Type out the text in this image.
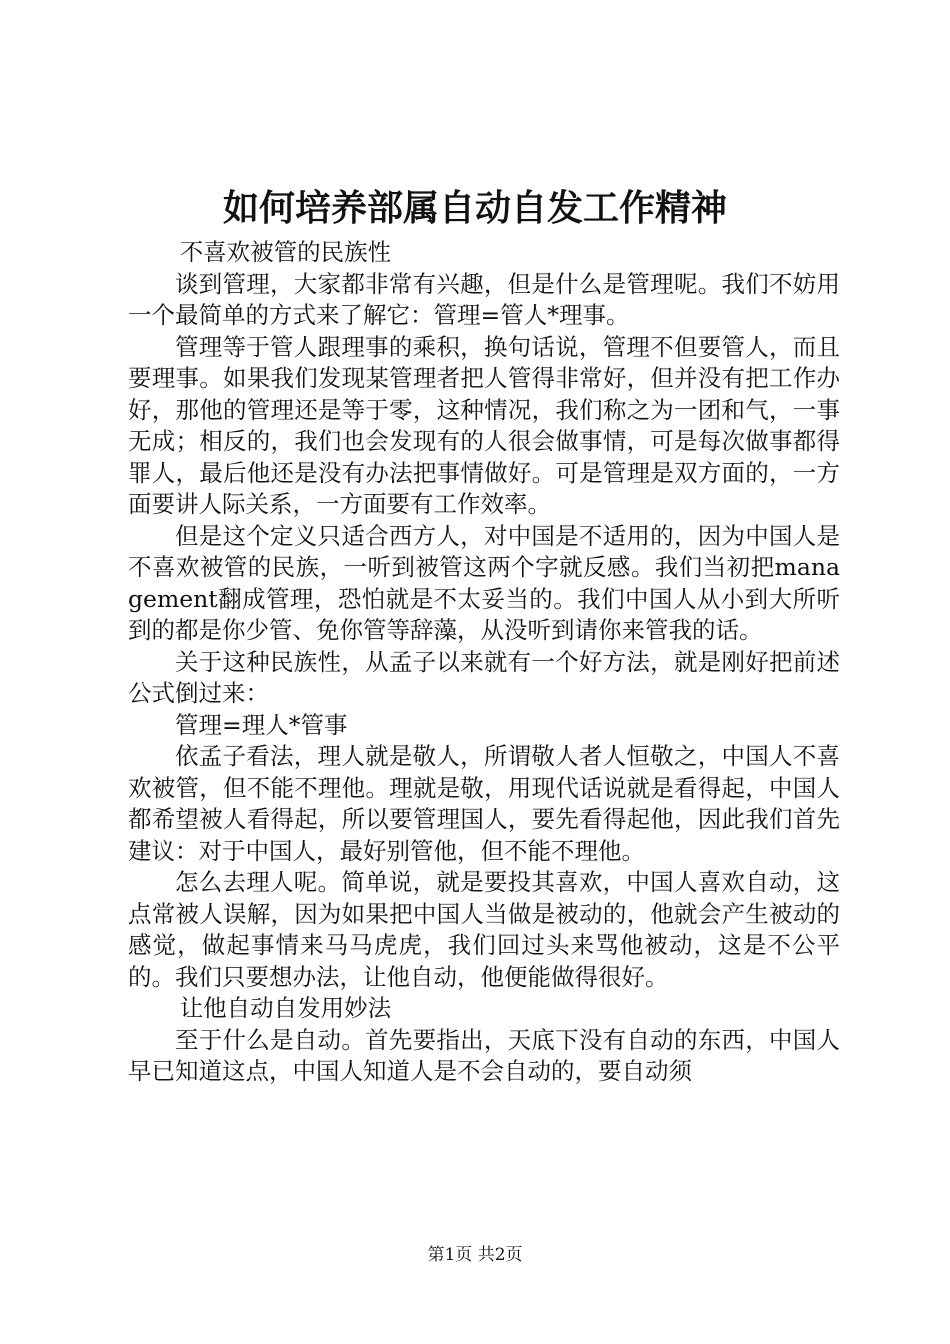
如何培养部属自动自发工作精神

不喜欢被管的民族性

谈到管理，大家都非常有兴趣，但是什么是管理呢。我们不妨用一个最简单的方式来了解它：管理=管人*理事。

管理等于管人跟理事的乘积，换句话说，管理不但要管人，而且要理事。如果我们发现某管理者把人管得非常好，但并没有把工作办好，那他的管理还是等于零，这种情况，我们称之为一团和气，一事无成；相反的，我们也会发现有的人很会做事情，可是每次做事都得罪人，最后他还是没有办法把事情做好。可是管理是双方面的，一方面要讲人际关系，一方面要有工作效率。

但是这个定义只适合西方人，对中国是不适用的，因为中国人是不喜欢被管的民族，一听到被管这两个字就反感。我们当初把management翻成管理，恐怕就是不太妥当的。我们中国人从小到大所听到的都是你少管、免你管等辞藻，从没听到请你来管我的话。

关于这种民族性，从孟子以来就有一个好方法，就是刚好把前述公式倒过来：

管理=理人*管事

依孟子看法，理人就是敬人，所谓敬人者人恒敬之，中国人不喜欢被管，但不能不理他。理就是敬，用现代话说就是看得起，中国人都希望被人看得起，所以要管理国人，要先看得起他，因此我们首先建议：对于中国人，最好别管他，但不能不理他。

怎么去理人呢。简单说，就是要投其喜欢，中国人喜欢自动，这点常被人误解，因为如果把中国人当做是被动的，他就会产生被动的感觉，做起事情来马马虎虎，我们回过头来骂他被动，这是不公平的。我们只要想办法，让他自动，他便能做得很好。

让他自动自发用妙法

至于什么是自动。首先要指出，天底下没有自动的东西，中国人早已知道这点，中国人知道人是不会自动的，要自动须

第1页 共2页
